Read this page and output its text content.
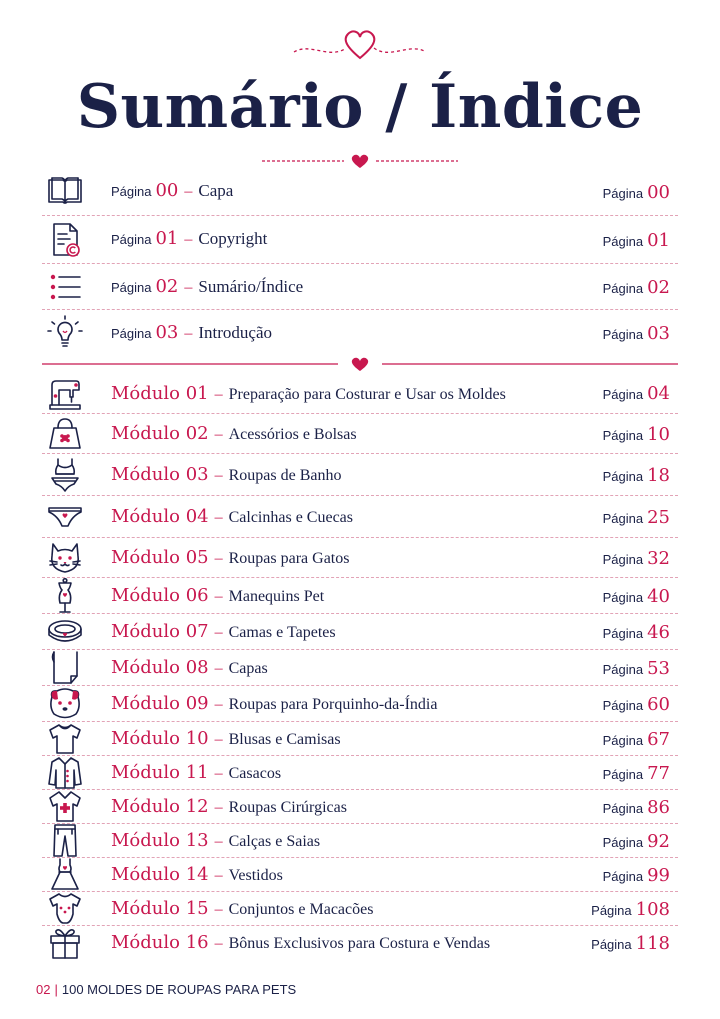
Sumário / Índice
Página 00 – Capa	Página 00
Página 01 – Copyright	Página 01
Página 02 – Sumário/Índice	Página 02
Página 03 – Introdução	Página 03
Módulo 01 – Preparação para Costurar e Usar os Moldes	Página 04
Módulo 02 – Acessórios e Bolsas	Página 10
Módulo 03 – Roupas de Banho	Página 18
Módulo 04 – Calcinhas e Cuecas	Página 25
Módulo 05 – Roupas para Gatos	Página 32
Módulo 06 – Manequins Pet	Página 40
Módulo 07 – Camas e Tapetes	Página 46
Módulo 08 – Capas	Página 53
Módulo 09 – Roupas para Porquinho-da-Índia	Página 60
Módulo 10 – Blusas e Camisas	Página 67
Módulo 11 – Casacos	Página 77
Módulo 12 – Roupas Cirúrgicas	Página 86
Módulo 13 – Calças e Saias	Página 92
Módulo 14 – Vestidos	Página 99
Módulo 15 – Conjuntos e Macacões	Página 108
Módulo 16 – Bônus Exclusivos para Costura e Vendas	Página 118
02 | 100 MOLDES DE ROUPAS PARA PETS
